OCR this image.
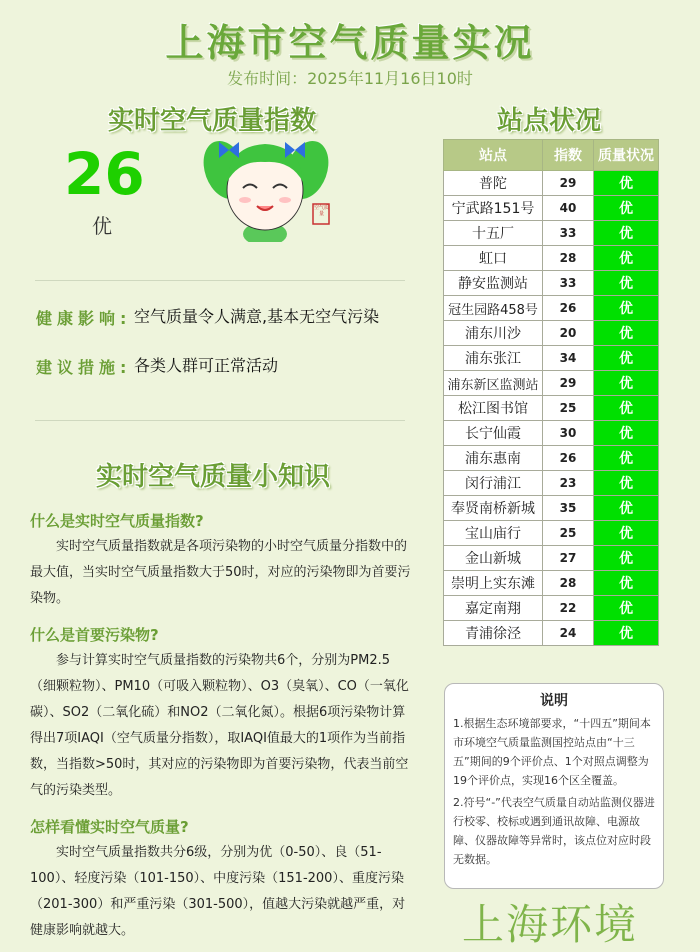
上海市空气质量实况
发布时间：2025年11月16日10时
实时空气质量指数
26
优
空气质量
健康影响: 空气质量令人满意,基本无空气污染
建议措施: 各类人群可正常活动
实时空气质量小知识
什么是实时空气质量指数?
实时空气质量指数就是各项污染物的小时空气质量分指数中的最大值，当实时空气质量指数大于50时，对应的污染物即为首要污染物。
什么是首要污染物?
参与计算实时空气质量指数的污染物共6个，分别为PM2.5（细颗粒物）、PM10（可吸入颗粒物）、O3（臭氧）、CO（一氧化碳）、SO2（二氧化硫）和NO2（二氧化氮）。根据6项污染物计算得出7项IAQI（空气质量分指数），取IAQI值最大的1项作为当前指数，当指数>50时，其对应的污染物即为首要污染物，代表当前空气的污染类型。
怎样看懂实时空气质量?
实时空气质量指数共分6级，分别为优（0-50）、良（51-100）、轻度污染（101-150）、中度污染（151-200）、重度污染（201-300）和严重污染（301-500），值越大污染就越严重，对健康影响就越大。
站点状况
站点	指数	质量状况
普陀	29	优
宁武路151号	40	优
十五厂	33	优
虹口	28	优
静安监测站	33	优
冠生园路458号	26	优
浦东川沙	20	优
浦东张江	34	优
浦东新区监测站	29	优
松江图书馆	25	优
长宁仙霞	30	优
浦东惠南	26	优
闵行浦江	23	优
奉贤南桥新城	35	优
宝山庙行	25	优
金山新城	27	优
崇明上实东滩	28	优
嘉定南翔	22	优
青浦徐泾	24	优
说明
1.根据生态环境部要求，“十四五”期间本市环境空气质量监测国控站点由“十三五”期间的9个评价点、1个对照点调整为19个评价点，实现16个区全覆盖。
2.符号“-”代表空气质量自动站监测仪器进行校零、校标或遇到通讯故障、电源故障、仪器故障等异常时，该点位对应时段无数据。
上海环境
